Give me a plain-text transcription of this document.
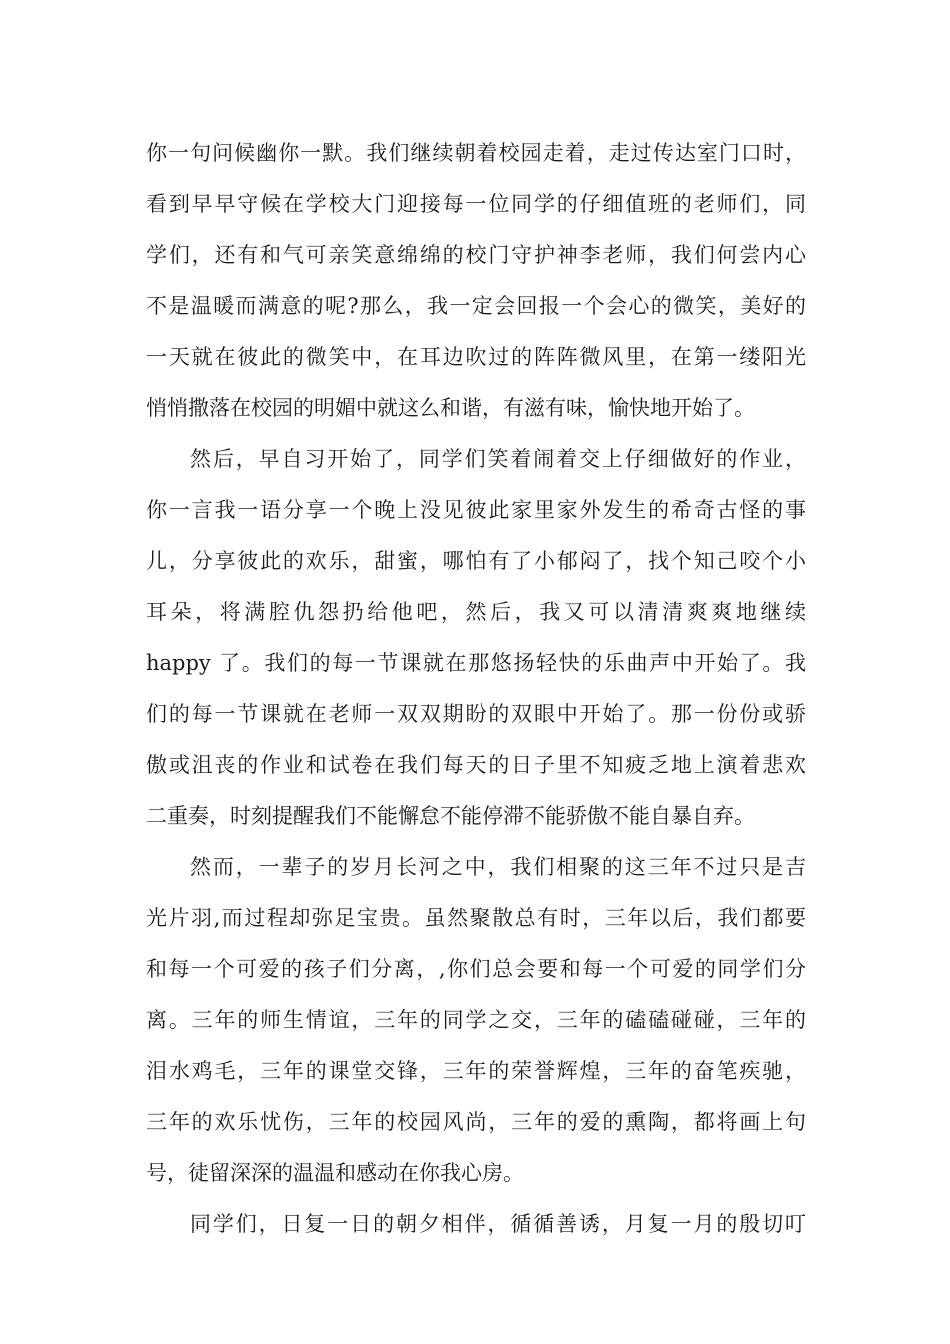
你一句问候幽你一默。我们继续朝着校园走着，走过传达室门口时，
看到早早守候在学校大门迎接每一位同学的仔细值班的老师们，同
学们，还有和气可亲笑意绵绵的校门守护神李老师，我们何尝内心
不是温暖而满意的呢?那么，我一定会回报一个会心的微笑，美好的
一天就在彼此的微笑中，在耳边吹过的阵阵微风里，在第一缕阳光
悄悄撒落在校园的明媚中就这么和谐，有滋有味，愉快地开始了。
然后，早自习开始了，同学们笑着闹着交上仔细做好的作业，
你一言我一语分享一个晚上没见彼此家里家外发生的希奇古怪的事
儿，分享彼此的欢乐，甜蜜，哪怕有了小郁闷了，找个知己咬个小
耳朵，将满腔仇怨扔给他吧，然后，我又可以清清爽爽地继续
happy 了。我们的每一节课就在那悠扬轻快的乐曲声中开始了。我
们的每一节课就在老师一双双期盼的双眼中开始了。那一份份或骄
傲或沮丧的作业和试卷在我们每天的日子里不知疲乏地上演着悲欢
二重奏，时刻提醒我们不能懈怠不能停滞不能骄傲不能自暴自弃。
然而，一辈子的岁月长河之中，我们相聚的这三年不过只是吉
光片羽,而过程却弥足宝贵。虽然聚散总有时，三年以后，我们都要
和每一个可爱的孩子们分离，,你们总会要和每一个可爱的同学们分
离。三年的师生情谊，三年的同学之交，三年的磕磕碰碰，三年的
泪水鸡毛，三年的课堂交锋，三年的荣誉辉煌，三年的奋笔疾驰，
三年的欢乐忧伤，三年的校园风尚，三年的爱的熏陶，都将画上句
号，徒留深深的温温和感动在你我心房。
同学们，日复一日的朝夕相伴，循循善诱，月复一月的殷切叮
